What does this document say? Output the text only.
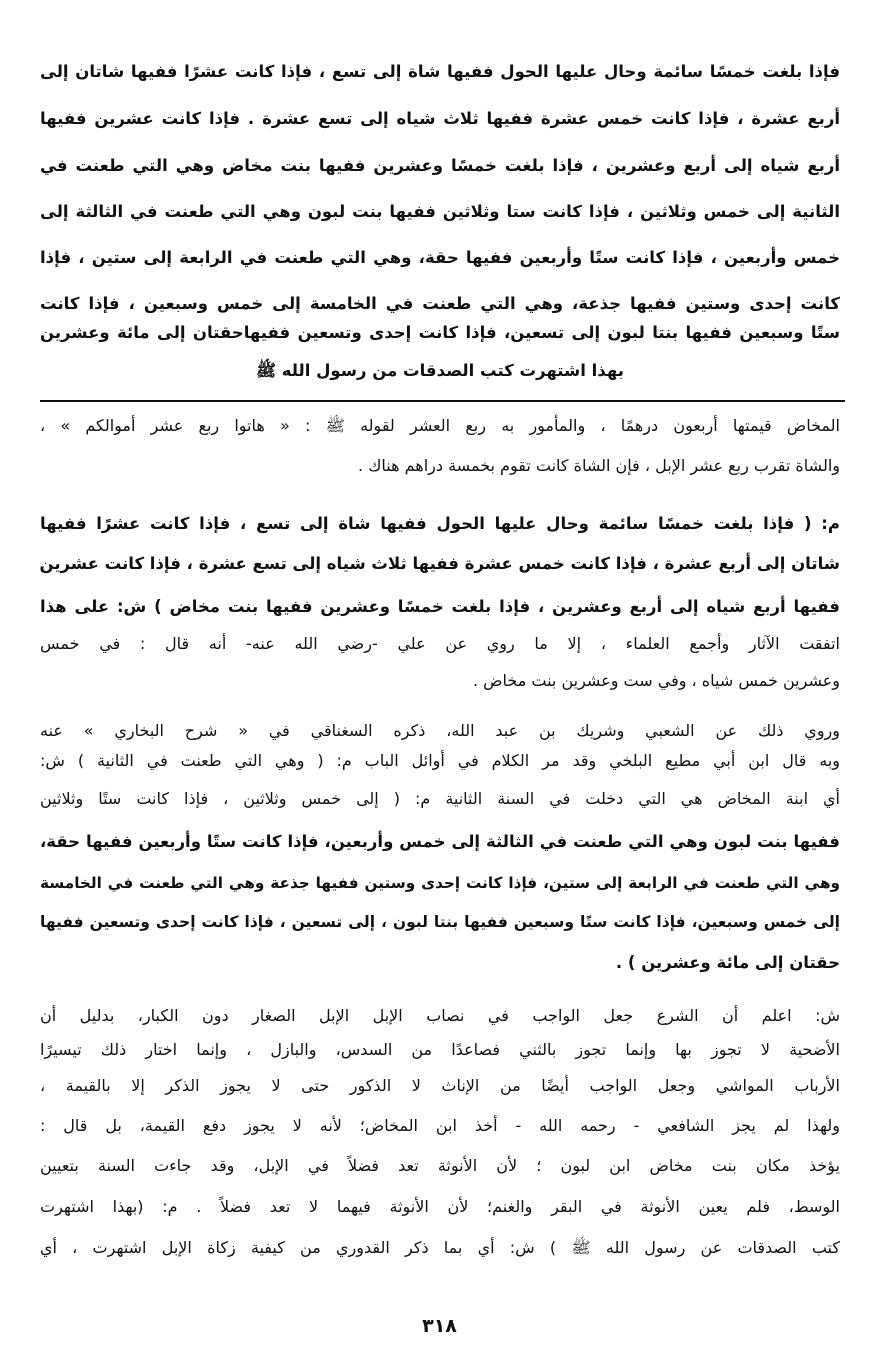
فإذا بلغت خمسًا سائمة وحال عليها الحول ففيها شاة إلى تسع ، فإذا كانت عشرًا ففيها شاتان إلى
أربع عشرة ، فإذا كانت خمس عشرة ففيها ثلاث شياه إلى تسع عشرة . فإذا كانت عشرين ففيها
أربع شياه إلى أربع وعشرين ، فإذا بلغت خمسًا وعشرين ففيها بنت مخاض وهي التي طعنت في
الثانية إلى خمس وثلاثين ، فإذا كانت ستا وثلاثين ففيها بنت لبون وهي التي طعنت في الثالثة إلى
خمس وأربعين ، فإذا كانت ستًا وأربعين ففيها حقة، وهي التي طعنت في الرابعة إلى ستين ، فإذا
كانت إحدى وستين ففيها جذعة، وهي التي طعنت في الخامسة إلى خمس وسبعين ، فإذا كانت
ستًا وسبعين ففيها بنتا لبون إلى تسعين، فإذا كانت إحدى وتسعين ففيهاحقتان إلى مائة وعشرين
بهذا اشتهرت كتب الصدقات من رسول الله ﷺ
المخاض قيمتها أربعون درهمًا ، والمأمور به ربع العشر لقوله ﷺ : « هاتوا ربع عشر أموالكم » ،
والشاة تقرب ربع عشر الإبل ، فإن الشاة كانت تقوم بخمسة دراهم هناك .
م: ( فإذا بلغت خمسًا سائمة وحال عليها الحول ففيها شاة إلى تسع ، فإذا كانت عشرًا ففيها
شاتان إلى أربع عشرة ، فإذا كانت خمس عشرة ففيها ثلاث شياه إلى تسع عشرة ، فإذا كانت عشرين
ففيها أربع شياه إلى أربع وعشرين ، فإذا بلغت خمسًا وعشرين ففيها بنت مخاض ) ش: على هذا
اتفقت الآثار وأجمع العلماء ، إلا ما روي عن علي -رضي الله عنه- أنه قال : في خمس
وعشرين خمس شياه ، وفي ست وعشرين بنت مخاض .
وروي ذلك عن الشعبي وشريك بن عبد الله، ذكره السغناقي في « شرح البخاري » عنه
وبه قال ابن أبي مطيع البلخي وقد مر الكلام في أوائل الباب م: ( وهي التي طعنت في الثانية ) ش:
أي ابنة المخاض هي التي دخلت في السنة الثانية م: ( إلى خمس وثلاثين ، فإذا كانت ستًا وثلاثين
ففيها بنت لبون وهي التي طعنت في الثالثة إلى خمس وأربعين، فإذا كانت ستًا وأربعين ففيها حقة،
وهي التي طعنت في الرابعة إلى ستين، فإذا كانت إحدى وستين ففيها جذعة وهي التي طعنت في الخامسة
إلى خمس وسبعين، فإذا كانت ستًا وسبعين ففيها بنتا لبون ، إلى تسعين ، فإذا كانت إحدى وتسعين ففيها
حقتان إلى مائة وعشرين ) .
ش: اعلم أن الشرع جعل الواجب في نصاب الإبل الإبل الصغار دون الكبار، بدليل أن
الأضحية لا تجوز بها وإنما تجوز بالثني فصاعدًا من السدس، والبازل ، وإنما اختار ذلك تيسيرًا
الأرباب المواشي وجعل الواجب أيضًا من الإناث لا الذكور حتى لا يجوز الذكر إلا بالقيمة ،
ولهذا لم يجز الشافعي - رحمه الله - أخذ ابن المخاض؛ لأنه لا يجوز دفع القيمة، بل قال :
يؤخذ مكان بنت مخاض ابن لبون ؛ لأن الأنوثة تعد فضلاً في الإبل، وقد جاءت السنة بتعيين
الوسط، فلم يعين الأنوثة في البقر والغنم؛ لأن الأنوثة فيهما لا تعد فضلاً . م: (بهذا اشتهرت
كتب الصدقات عن رسول الله ﷺ ) ش: أي بما ذكر القدوري من كيفية زكاة الإبل اشتهرت ، أي
٣١٨
